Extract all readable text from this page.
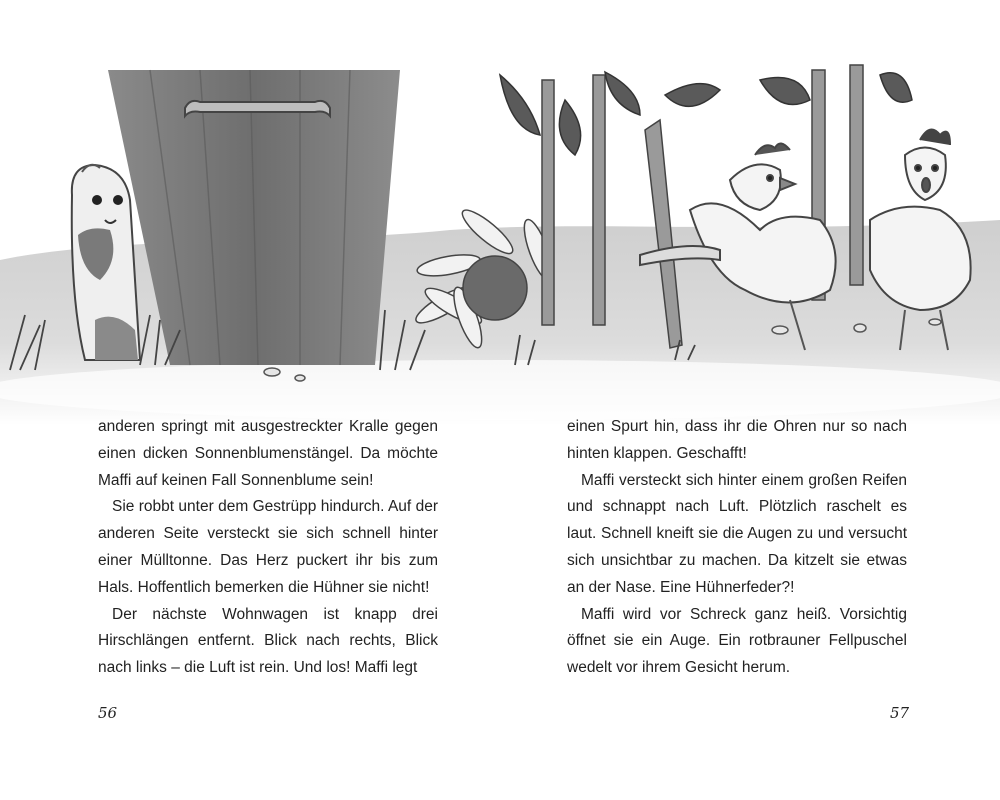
anderen springt mit ausgestreckter Kralle gegen einen dicken Sonnenblumenstängel. Da möchte Maffi auf keinen Fall Sonnenblume sein!

Sie robbt unter dem Gestrüpp hindurch. Auf der anderen Seite versteckt sie sich schnell hinter einer Mülltonne. Das Herz puckert ihr bis zum Hals. Hoffentlich bemerken die Hühner sie nicht!

Der nächste Wohnwagen ist knapp drei Hirschlängen entfernt. Blick nach rechts, Blick nach links – die Luft ist rein. Und los! Maffi legt

einen Spurt hin, dass ihr die Ohren nur so nach hinten klappen. Geschafft!

Maffi versteckt sich hinter einem großen Reifen und schnappt nach Luft. Plötzlich raschelt es laut. Schnell kneift sie die Augen zu und versucht sich unsichtbar zu machen. Da kitzelt sie etwas an der Nase. Eine Hühnerfeder?!

Maffi wird vor Schreck ganz heiß. Vorsichtig öffnet sie ein Auge. Ein rotbrauner Fellpuschel wedelt vor ihrem Gesicht herum.

56	57
